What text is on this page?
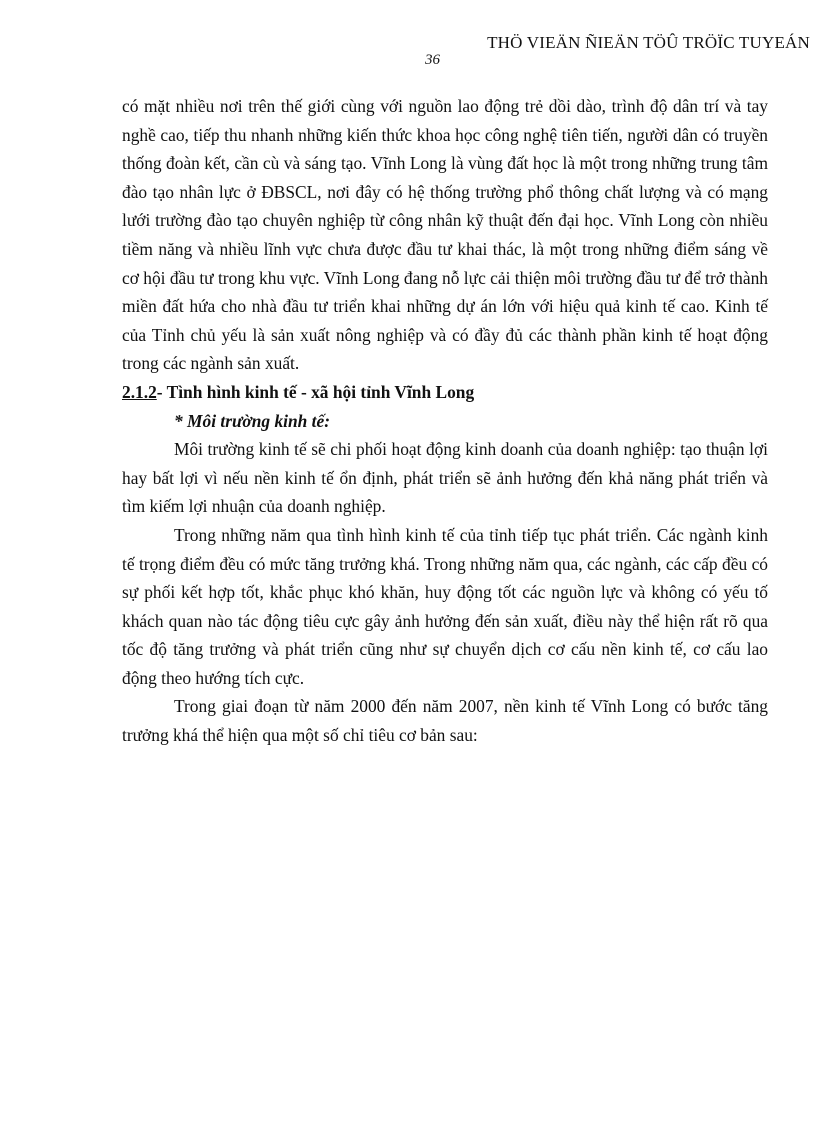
THÖ VIEÄN ÑIEÄN TÖÛ TRÖÏC TUYEÁN
36

có mặt nhiều nơi trên thế giới cùng với nguồn lao động trẻ dồi dào, trình độ dân trí và tay nghề cao, tiếp thu nhanh những kiến thức khoa học công nghệ tiên tiến, người dân có truyền thống đoàn kết, cần cù và sáng tạo. Vĩnh Long là vùng đất học là một trong những trung tâm đào tạo nhân lực ở ĐBSCL, nơi đây có hệ thống trường phổ thông chất lượng và có mạng lưới trường đào tạo chuyên nghiệp từ công nhân kỹ thuật đến đại học. Vĩnh Long còn nhiều tiềm năng và nhiều lĩnh vực chưa được đầu tư khai thác, là một trong những điểm sáng về cơ hội đầu tư trong khu vực. Vĩnh Long đang nỗ lực cải thiện môi trường đầu tư để trở thành miền đất hứa cho nhà đầu tư triển khai những dự án lớn với hiệu quả kinh tế cao. Kinh tế của Tỉnh chủ yếu là sản xuất nông nghiệp và có đầy đủ các thành phần kinh tế hoạt động trong các ngành sản xuất.

2.1.2- Tình hình kinh tế - xã hội tỉnh Vĩnh Long
* Môi trường kinh tế:

Môi trường kinh tế sẽ chi phối hoạt động kinh doanh của doanh nghiệp: tạo thuận lợi hay bất lợi vì nếu nền kinh tế ổn định, phát triển sẽ ảnh hưởng đến khả năng phát triển và tìm kiếm lợi nhuận của doanh nghiệp.

Trong những năm qua tình hình kinh tế của tỉnh tiếp tục phát triển. Các ngành kinh tế trọng điểm đều có mức tăng trưởng khá. Trong những năm qua, các ngành, các cấp đều có sự phối kết hợp tốt, khắc phục khó khăn, huy động tốt các nguồn lực và không có yếu tố khách quan nào tác động tiêu cực gây ảnh hưởng đến sản xuất, điều này thể hiện rất rõ qua tốc độ tăng trưởng và phát triển cũng như sự chuyển dịch cơ cấu nền kinh tế, cơ cấu lao động theo hướng tích cực.

Trong giai đoạn từ năm 2000 đến năm 2007, nền kinh tế Vĩnh Long có bước tăng trưởng khá thể hiện qua một số chỉ tiêu cơ bản sau:
